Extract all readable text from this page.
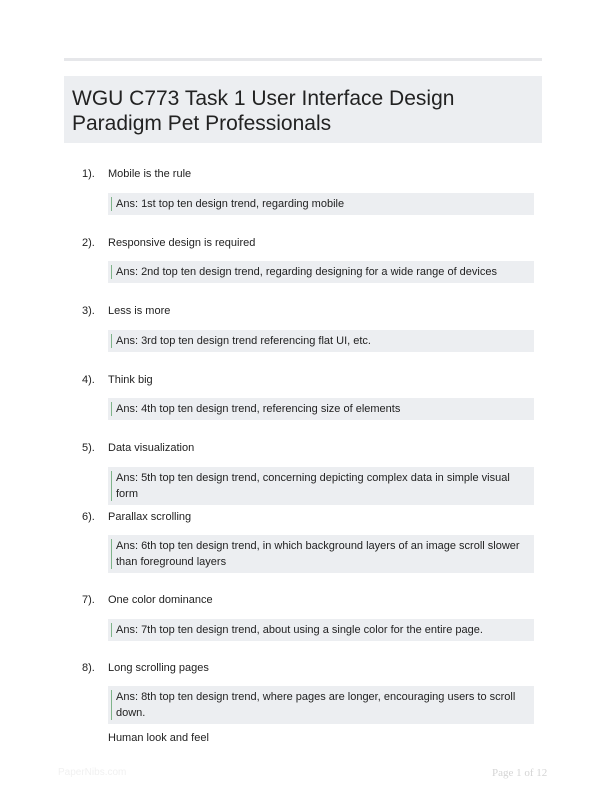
WGU C773 Task 1 User Interface Design
Paradigm Pet Professionals
1). Mobile is the rule
Ans: 1st top ten design trend, regarding mobile
2). Responsive design is required
Ans: 2nd top ten design trend, regarding designing for a wide range of devices
3). Less is more
Ans: 3rd top ten design trend referencing flat UI, etc.
4). Think big
Ans: 4th top ten design trend, referencing size of elements
5). Data visualization
Ans: 5th top ten design trend, concerning depicting complex data in simple visual form
6). Parallax scrolling
Ans: 6th top ten design trend, in which background layers of an image scroll slower than foreground layers
7). One color dominance
Ans: 7th top ten design trend, about using a single color for the entire page.
8). Long scrolling pages
Ans: 8th top ten design trend, where pages are longer, encouraging users to scroll down.
Human look and feel
PaperNibs.com	Page 1 of 12
